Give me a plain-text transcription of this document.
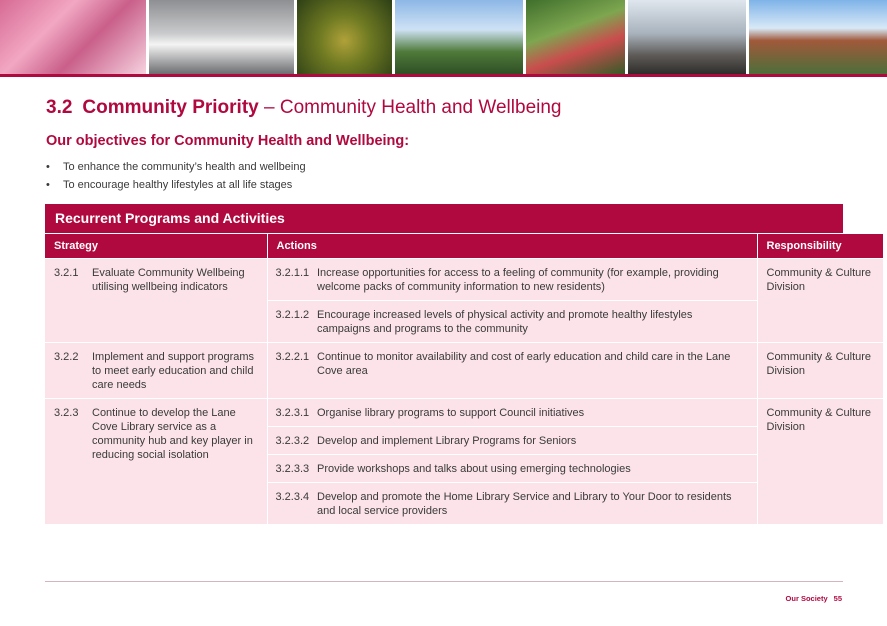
3.2 Community Priority – Community Health and Wellbeing
Our objectives for Community Health and Wellbeing:
•	To enhance the community’s health and wellbeing
•	To encourage healthy lifestyles at all life stages
Recurrent Programs and Activities
Strategy		Actions		Responsibility
3.2.1	Evaluate Community Wellbeing utilising wellbeing indicators	3.2.1.1	Increase opportunities for access to a feeling of community (for example, providing welcome packs of community information to new residents)	Community & Culture Division
		3.2.1.2	Encourage increased levels of physical activity and promote healthy lifestyles campaigns and programs to the community	
3.2.2	Implement and support programs to meet early education and child care needs	3.2.2.1	Continue to monitor availability and cost of early education and child care in the Lane Cove area	Community & Culture Division
3.2.3	Continue to develop the Lane Cove Library service as a community hub and key player in reducing social isolation	3.2.3.1	Organise library programs to support Council initiatives	Community & Culture Division
		3.2.3.2	Develop and implement Library Programs for Seniors	
		3.2.3.3	Provide workshops and talks about using emerging technologies	
		3.2.3.4	Develop and promote the Home Library Service and Library to Your Door to residents and local service providers	
Our Society 55
